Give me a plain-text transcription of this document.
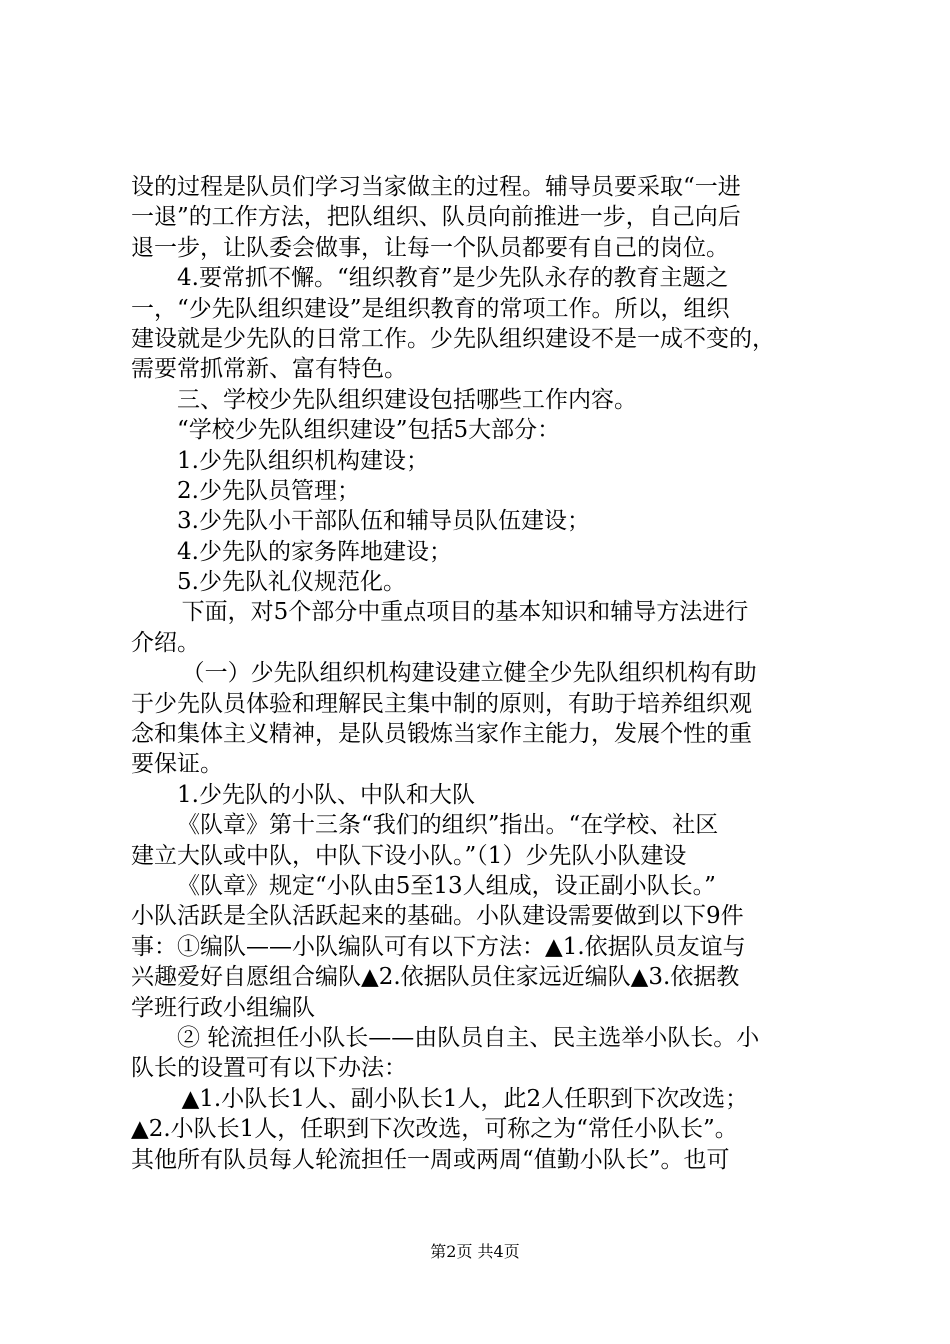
设的过程是队员们学习当家做主的过程。辅导员要采取“一进
一退”的工作方法，把队组织、队员向前推进一步，自己向后
退一步，让队委会做事，让每一个队员都要有自己的岗位。
4.要常抓不懈。“组织教育”是少先队永存的教育主题之
一，“少先队组织建设”是组织教育的常项工作。所以，组织
建设就是少先队的日常工作。少先队组织建设不是一成不变的，
需要常抓常新、富有特色。
三、学校少先队组织建设包括哪些工作内容。
“学校少先队组织建设”包括5大部分：
1.少先队组织机构建设；
2.少先队员管理；
3.少先队小干部队伍和辅导员队伍建设；
4.少先队的家务阵地建设；
5.少先队礼仪规范化。
下面，对5个部分中重点项目的基本知识和辅导方法进行
介绍。
（一）少先队组织机构建设建立健全少先队组织机构有助
于少先队员体验和理解民主集中制的原则，有助于培养组织观
念和集体主义精神，是队员锻炼当家作主能力，发展个性的重
要保证。
1.少先队的小队、中队和大队
《队章》第十三条“我们的组织”指出。“在学校、社区
建立大队或中队，中队下设小队。”（1）少先队小队建设
《队章》规定“小队由5至13人组成，设正副小队长。”
小队活跃是全队活跃起来的基础。小队建设需要做到以下9件
事：①编队——小队编队可有以下方法：▲1.依据队员友谊与
兴趣爱好自愿组合编队▲2.依据队员住家远近编队▲3.依据教
学班行政小组编队
② 轮流担任小队长——由队员自主、民主选举小队长。小
队长的设置可有以下办法：
▲1.小队长1人、副小队长1人，此2人任职到下次改选；
▲2.小队长1人，任职到下次改选，可称之为“常任小队长”。
其他所有队员每人轮流担任一周或两周“值勤小队长”。也可
第2页 共4页
